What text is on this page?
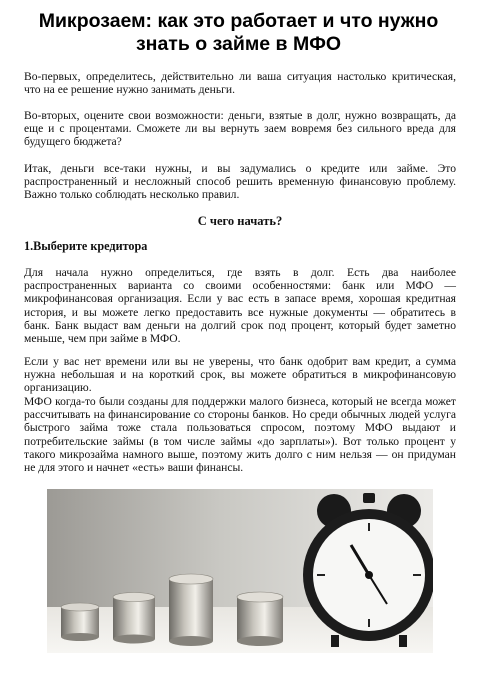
Микрозаем: как это работает и что нужно знать о займе в МФО

Во-первых, определитесь, действительно ли ваша ситуация настолько критическая, что на ее решение нужно занимать деньги.

Во-вторых, оцените свои возможности: деньги, взятые в долг, нужно возвращать, да еще и с процентами. Сможете ли вы вернуть заем вовремя без сильного вреда для будущего бюджета?

Итак, деньги все-таки нужны, и вы задумались о кредите или займе. Это распространенный и несложный способ решить временную финансовую проблему. Важно только соблюдать несколько правил.

С чего начать?

1.Выберите кредитора

Для начала нужно определиться, где взять в долг. Есть два наиболее распространенных варианта со своими особенностями: банк или МФО — микрофинансовая организация. Если у вас есть в запасе время, хорошая кредитная история, и вы можете легко предоставить все нужные документы — обратитесь в банк. Банк выдаст вам деньги на долгий срок под процент, который будет заметно меньше, чем при займе в МФО.

Если у вас нет времени или вы не уверены, что банк одобрит вам кредит, а сумма нужна небольшая и на короткий срок, вы можете обратиться в микрофинансовую организацию.

МФО когда-то были созданы для поддержки малого бизнеса, который не всегда может рассчитывать на финансирование со стороны банков. Но среди обычных людей услуга быстрого займа тоже стала пользоваться спросом, поэтому МФО выдают и потребительские займы (в том числе займы «до зарплаты»). Вот только процент у такого микрозайма намного выше, поэтому жить долго с ним нельзя — он придуман не для этого и начнет «есть» ваши финансы.
